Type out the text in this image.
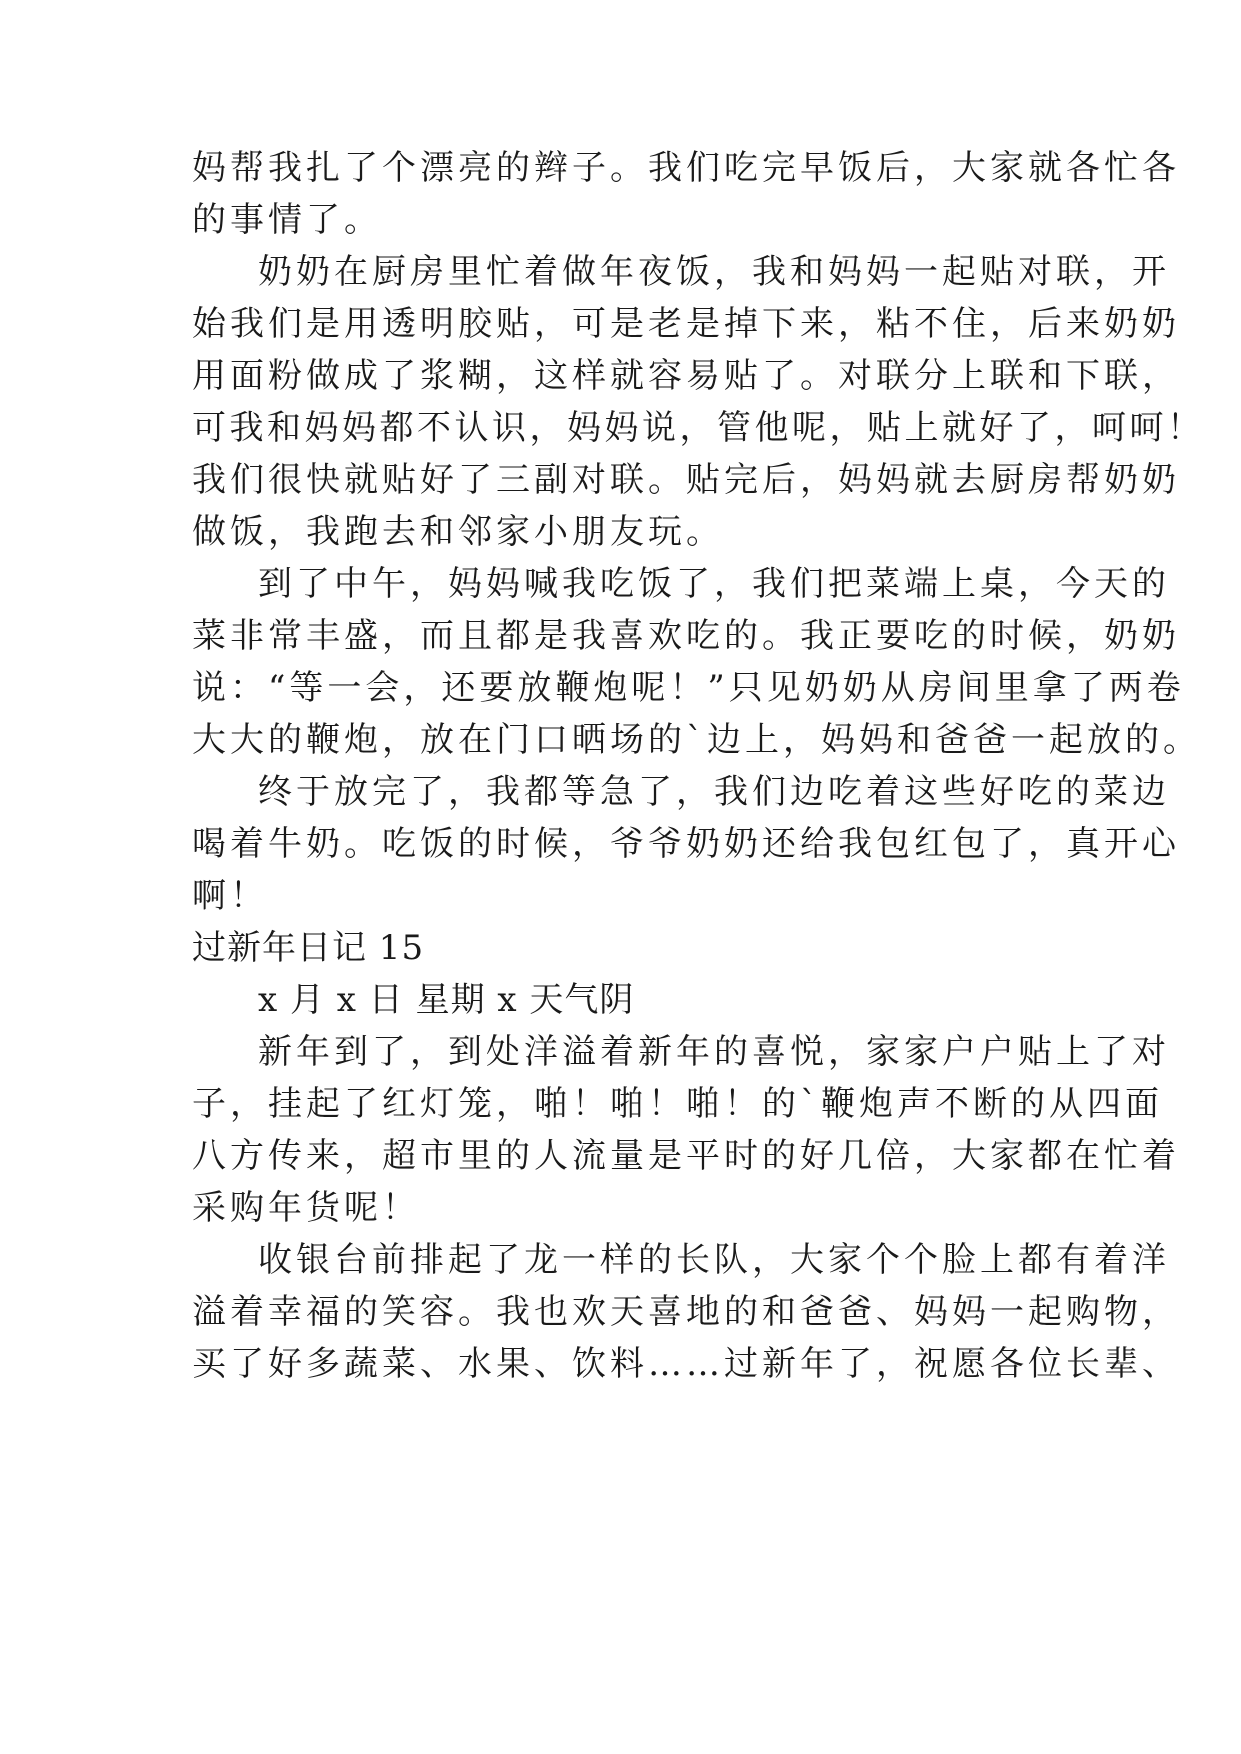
妈帮我扎了个漂亮的辫子。我们吃完早饭后，大家就各忙各
的事情了。
奶奶在厨房里忙着做年夜饭，我和妈妈一起贴对联，开
始我们是用透明胶贴，可是老是掉下来，粘不住，后来奶奶
用面粉做成了浆糊，这样就容易贴了。对联分上联和下联，
可我和妈妈都不认识，妈妈说，管他呢，贴上就好了，呵呵！
我们很快就贴好了三副对联。贴完后，妈妈就去厨房帮奶奶
做饭，我跑去和邻家小朋友玩。
到了中午，妈妈喊我吃饭了，我们把菜端上桌，今天的
菜非常丰盛，而且都是我喜欢吃的。我正要吃的时候，奶奶
说：“等一会，还要放鞭炮呢！”只见奶奶从房间里拿了两卷
大大的鞭炮，放在门口晒场的`边上，妈妈和爸爸一起放的。
终于放完了，我都等急了，我们边吃着这些好吃的菜边
喝着牛奶。吃饭的时候，爷爷奶奶还给我包红包了，真开心
啊！
过新年日记 15
x 月 x 日 星期 x 天气阴
新年到了，到处洋溢着新年的喜悦，家家户户贴上了对
子，挂起了红灯笼，啪！啪！啪！的`鞭炮声不断的从四面
八方传来，超市里的人流量是平时的好几倍，大家都在忙着
采购年货呢！
收银台前排起了龙一样的长队，大家个个脸上都有着洋
溢着幸福的笑容。我也欢天喜地的和爸爸、妈妈一起购物，
买了好多蔬菜、水果、饮料……过新年了，祝愿各位长辈、
